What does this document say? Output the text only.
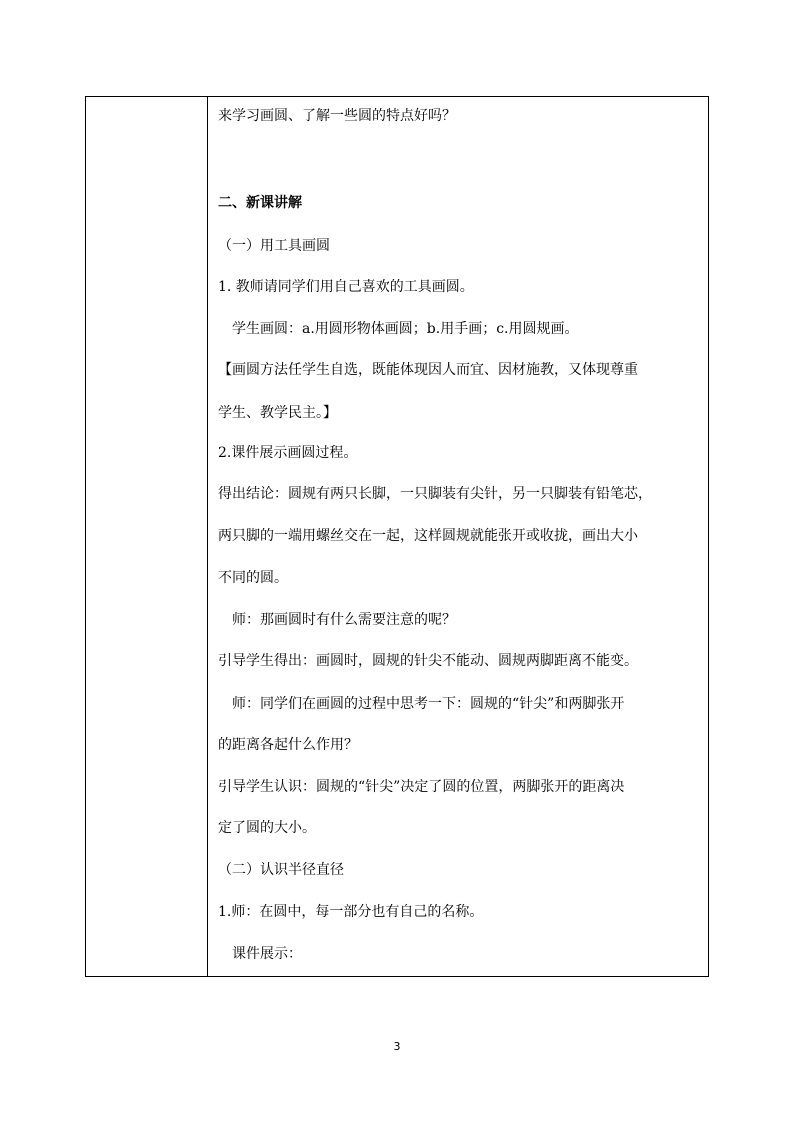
来学习画圆、了解一些圆的特点好吗？
二、新课讲解
（一）用工具画圆
1. 教师请同学们用自己喜欢的工具画圆。
学生画圆：a.用圆形物体画圆；b.用手画；c.用圆规画。
【画圆方法任学生自选，既能体现因人而宜、因材施教，又体现尊重
学生、教学民主。】
2.课件展示画圆过程。
得出结论：圆规有两只长脚，一只脚装有尖针，另一只脚装有铅笔芯，
两只脚的一端用螺丝交在一起，这样圆规就能张开或收拢，画出大小
不同的圆。
师：那画圆时有什么需要注意的呢？
引导学生得出：画圆时，圆规的针尖不能动、圆规两脚距离不能变。
师：同学们在画圆的过程中思考一下：圆规的“针尖”和两脚张开
的距离各起什么作用？
引导学生认识：圆规的“针尖”决定了圆的位置，两脚张开的距离决
定了圆的大小。
（二）认识半径直径
1.师：在圆中，每一部分也有自己的名称。
课件展示：
3
